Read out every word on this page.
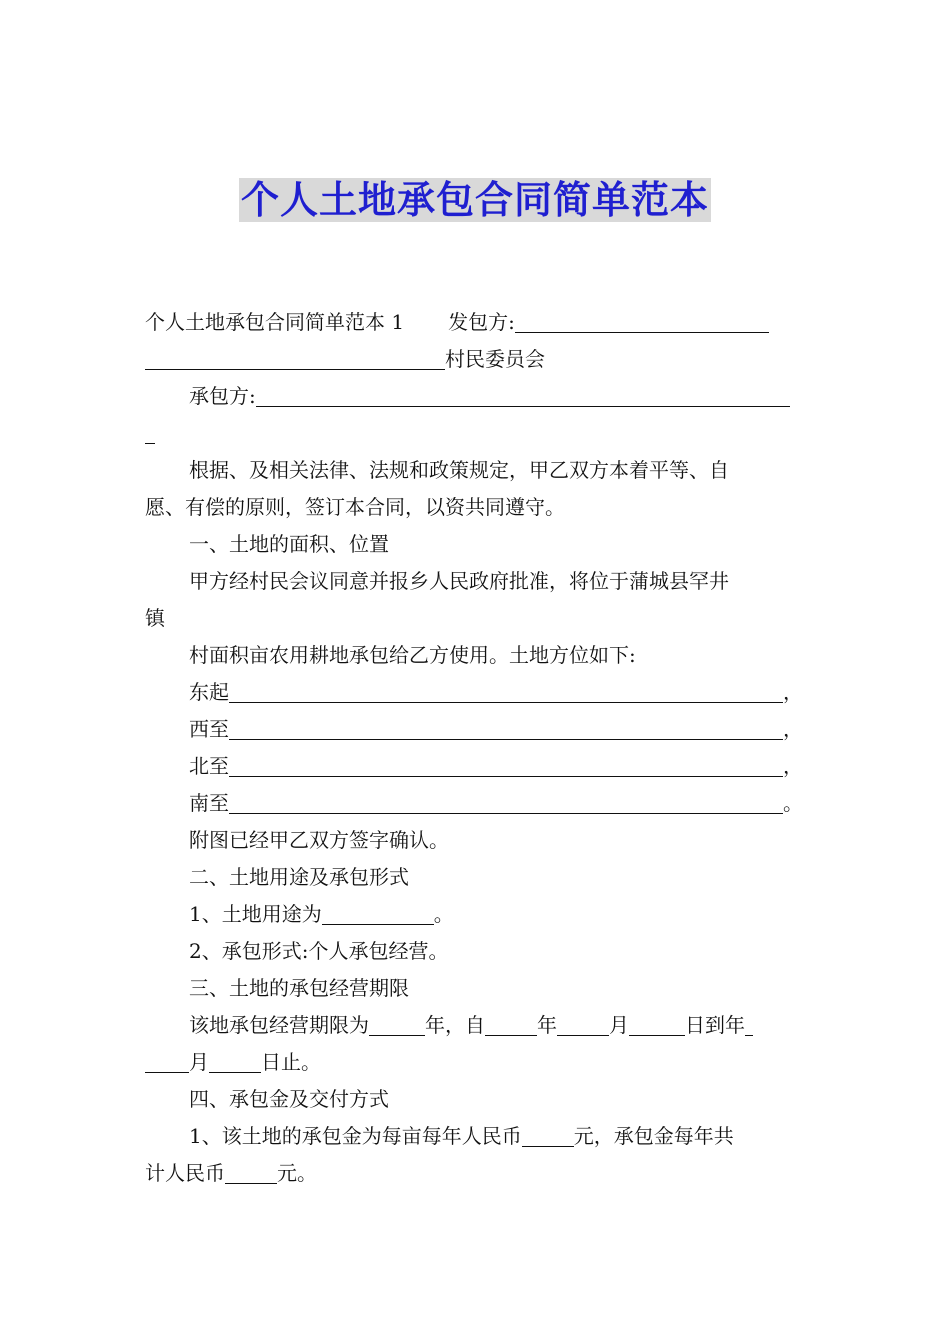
个人土地承包合同简单范本
个人土地承包合同简单范本 1 发包方:
村民委员会
承包方:
根据、及相关法律、法规和政策规定，甲乙双方本着平等、自
愿、有偿的原则，签订本合同，以资共同遵守。
一、土地的面积、位置
甲方经村民会议同意并报乡人民政府批准，将位于蒲城县罕井
镇
村面积亩农用耕地承包给乙方使用。土地方位如下:
东起	，
西至	，
北至	，
南至	。
附图已经甲乙双方签字确认。
二、土地用途及承包形式
1、土地用途为	。
2、承包形式:个人承包经营。
三、土地的承包经营期限
该地承包经营期限为	年，自	年	月	日到年
月	日止。
四、承包金及交付方式
1、该土地的承包金为每亩每年人民币	元，承包金每年共
计人民币	元。
